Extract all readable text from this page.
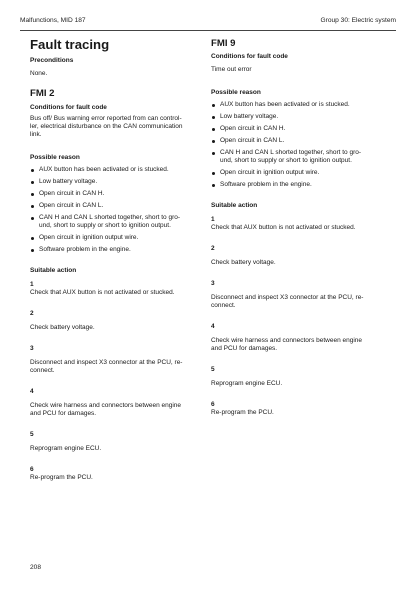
Malfunctions, MID 187	Group 30: Electric system
Fault tracing
Preconditions
None.
FMI 2
Conditions for fault code
Bus off/ Bus warning error reported from can control-
ler, electrical disturbance on the CAN communication
link.
Possible reason
AUX button has been activated or is stucked.
Low battery voltage.
Open circuit in CAN H.
Open circuit in CAN L.
CAN H and CAN L shorted together, short to gro-
und, short to supply or short to ignition output.
Open circuit in ignition output wire.
Software problem in the engine.
Suitable action
1
Check that AUX button is not activated or stucked.
2
Check battery voltage.
3
Disconnect and inspect X3 connector at the PCU, re-
connect.
4
Check wire harness and connectors between engine
and PCU for damages.
5
Reprogram engine ECU.
6
Re-program the PCU.
FMI 9
Conditions for fault code
Time out error
Possible reason
AUX button has been activated or is stucked.
Low battery voltage.
Open circuit in CAN H.
Open circuit in CAN L.
CAN H and CAN L shorted together, short to gro-
und, short to supply or short to ignition output.
Open circuit in ignition output wire.
Software problem in the engine.
Suitable action
1
Check that AUX button is not activated or stucked.
2
Check battery voltage.
3
Disconnect and inspect X3 connector at the PCU, re-
connect.
4
Check wire harness and connectors between engine
and PCU for damages.
5
Reprogram engine ECU.
6
Re-program the PCU.
208
